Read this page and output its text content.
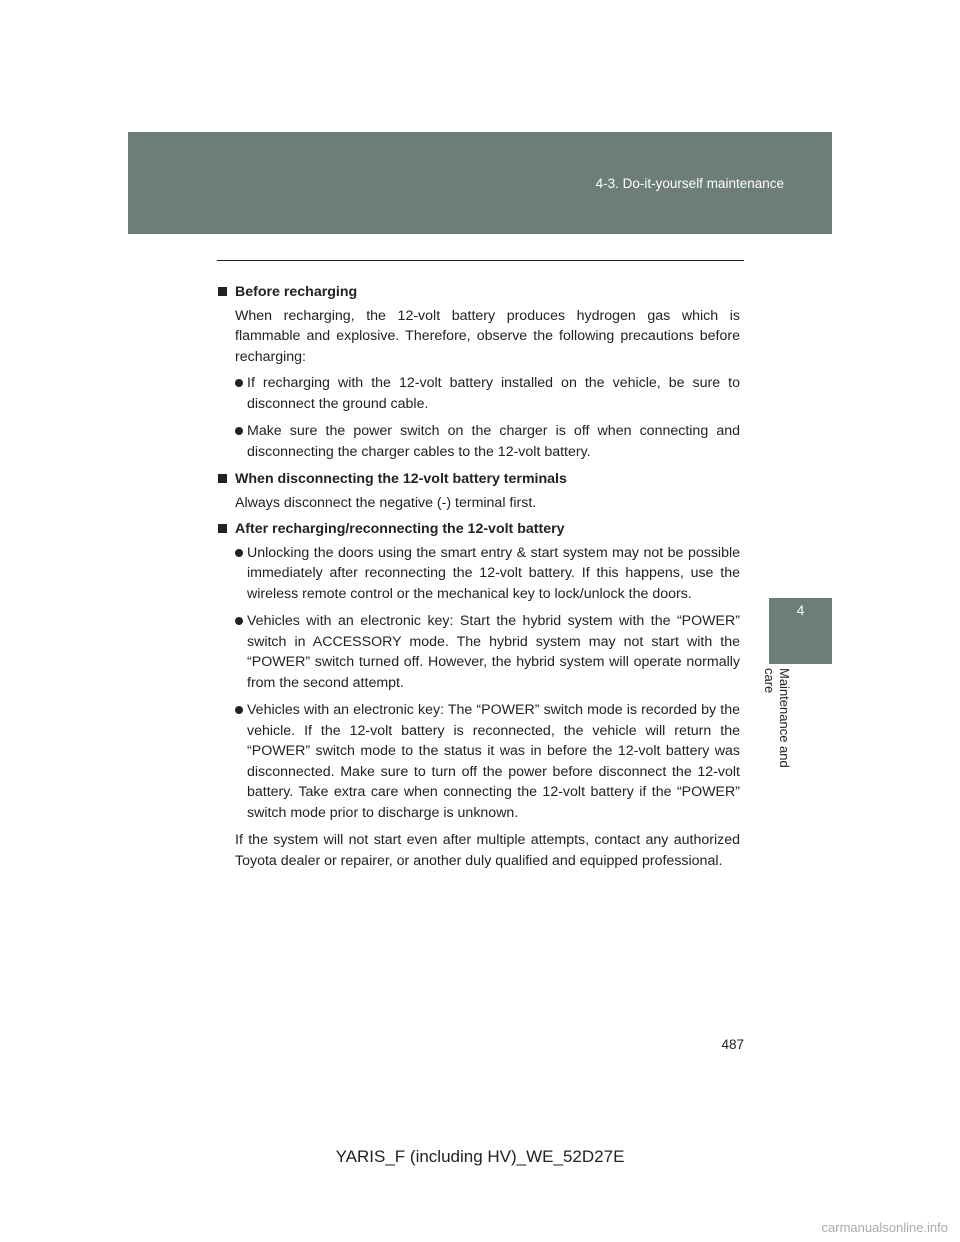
4-3. Do-it-yourself maintenance
4
Maintenance and care
Before recharging
When recharging, the 12-volt battery produces hydrogen gas which is flammable and explosive. Therefore, observe the following precautions before recharging:
If recharging with the 12-volt battery installed on the vehicle, be sure to disconnect the ground cable.
Make sure the power switch on the charger is off when connecting and disconnecting the charger cables to the 12-volt battery.
When disconnecting the 12-volt battery terminals
Always disconnect the negative (-) terminal first.
After recharging/reconnecting the 12-volt battery
Unlocking the doors using the smart entry & start system may not be possible immediately after reconnecting the 12-volt battery. If this happens, use the wireless remote control or the mechanical key to lock/unlock the doors.
Vehicles with an electronic key: Start the hybrid system with the “POWER” switch in ACCESSORY mode. The hybrid system may not start with the “POWER” switch turned off. However, the hybrid system will operate normally from the second attempt.
Vehicles with an electronic key: The “POWER” switch mode is recorded by the vehicle. If the 12-volt battery is reconnected, the vehicle will return the “POWER” switch mode to the status it was in before the 12-volt battery was disconnected. Make sure to turn off the power before disconnect the 12-volt battery. Take extra care when connecting the 12-volt battery if the “POWER” switch mode prior to discharge is unknown.
If the system will not start even after multiple attempts, contact any authorized Toyota dealer or repairer, or another duly qualified and equipped professional.
487
YARIS_F (including HV)_WE_52D27E
carmanualsonline.info
